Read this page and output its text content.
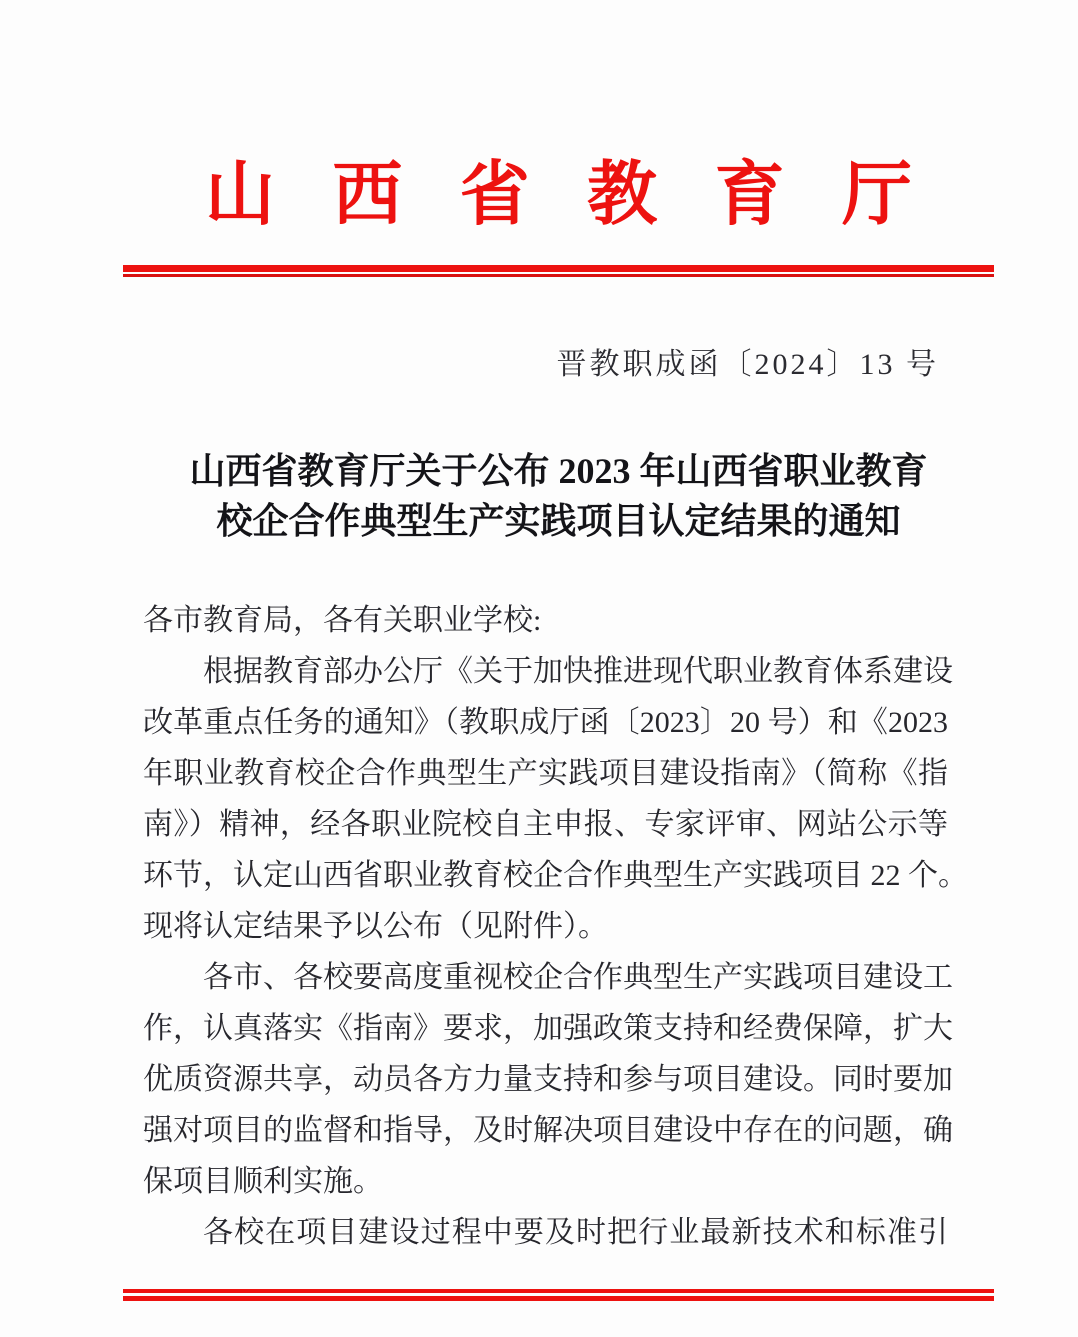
山西省教育厅
晋教职成函〔2024〕13 号
山西省教育厅关于公布 2023 年山西省职业教育
校企合作典型生产实践项目认定结果的通知
各市教育局，各有关职业学校:
根据教育部办公厅《关于加快推进现代职业教育体系建设
改革重点任务的通知》（教职成厅函〔2023〕20 号）和《2023
年职业教育校企合作典型生产实践项目建设指南》（简称《指
南》）精神，经各职业院校自主申报、专家评审、网站公示等
环节，认定山西省职业教育校企合作典型生产实践项目 22 个。
现将认定结果予以公布（见附件）。
各市、各校要高度重视校企合作典型生产实践项目建设工
作，认真落实《指南》要求，加强政策支持和经费保障，扩大
优质资源共享，动员各方力量支持和参与项目建设。同时要加
强对项目的监督和指导，及时解决项目建设中存在的问题，确
保项目顺利实施。
各校在项目建设过程中要及时把行业最新技术和标准引
